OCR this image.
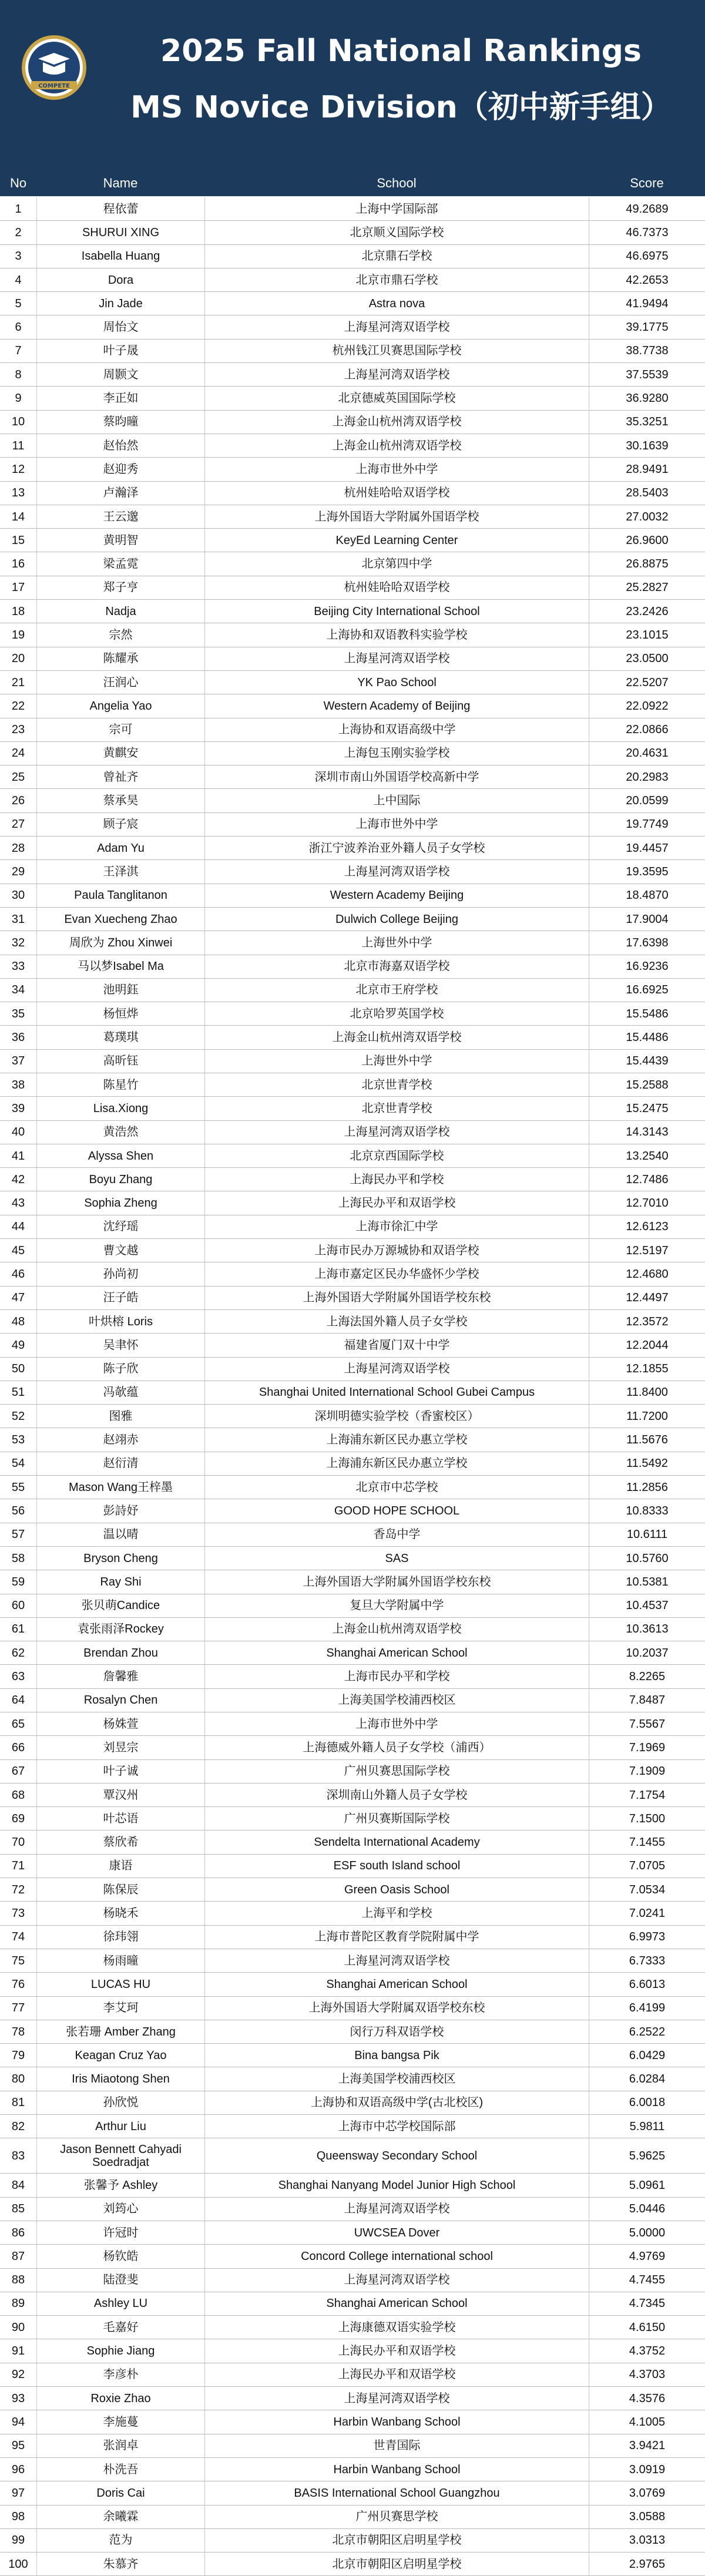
COMPETE
2025 Fall National Rankings
MS Novice Division（初中新手组）
No	Name	School	Score
1	程依蕾	上海中学国际部	49.2689
2	SHURUI XING	北京顺义国际学校	46.7373
3	Isabella Huang	北京鼎石学校	46.6975
4	Dora	北京市鼎石学校	42.2653
5	Jin Jade	Astra nova	41.9494
6	周怡文	上海星河湾双语学校	39.1775
7	叶子晟	杭州钱江贝赛思国际学校	38.7738
8	周颢文	上海星河湾双语学校	37.5539
9	李正如	北京德威英国国际学校	36.9280
10	蔡昀曈	上海金山杭州湾双语学校	35.3251
11	赵怡然	上海金山杭州湾双语学校	30.1639
12	赵迎秀	上海市世外中学	28.9491
13	卢瀚泽	杭州娃哈哈双语学校	28.5403
14	王云邈	上海外国语大学附属外国语学校	27.0032
15	黄明智	KeyEd Learning Center	26.9600
16	梁孟霓	北京第四中学	26.8875
17	郑子亨	杭州娃哈哈双语学校	25.2827
18	Nadja	Beijing City International School	23.2426
19	宗然	上海协和双语教科实验学校	23.1015
20	陈耀承	上海星河湾双语学校	23.0500
21	汪润心	YK Pao School	22.5207
22	Angelia Yao	Western Academy of Beijing	22.0922
23	宗可	上海协和双语高级中学	22.0866
24	黄麒安	上海包玉刚实验学校	20.4631
25	曾祉齐	深圳市南山外国语学校高新中学	20.2983
26	蔡承昊	上中国际	20.0599
27	顾子宸	上海市世外中学	19.7749
28	Adam Yu	浙江宁波养治亚外籍人员子女学校	19.4457
29	王泽淇	上海星河湾双语学校	19.3595
30	Paula Tanglitanon	Western Academy Beijing	18.4870
31	Evan Xuecheng Zhao	Dulwich College Beijing	17.9004
32	周欣为 Zhou Xinwei	上海世外中学	17.6398
33	马以梦Isabel Ma	北京市海嘉双语学校	16.9236
34	池明鈺	北京市王府学校	16.6925
35	杨恒烨	北京哈罗英国学校	15.5486
36	葛璞琪	上海金山杭州湾双语学校	15.4486
37	高昕钰	上海世外中学	15.4439
38	陈星竹	北京世青学校	15.2588
39	Lisa.Xiong	北京世青学校	15.2475
40	黄浩然	上海星河湾双语学校	14.3143
41	Alyssa Shen	北京京西国际学校	13.2540
42	Boyu Zhang	上海民办平和学校	12.7486
43	Sophia Zheng	上海民办平和双语学校	12.7010
44	沈纾瑶	上海市徐汇中学	12.6123
45	曹文越	上海市民办万源城协和双语学校	12.5197
46	孙尚初	上海市嘉定区民办华盛怀少学校	12.4680
47	汪子皓	上海外国语大学附属外国语学校东校	12.4497
48	叶烘榕 Loris	上海法国外籍人员子女学校	12.3572
49	吴聿怀	福建省厦门双十中学	12.2044
50	陈子欣	上海星河湾双语学校	12.1855
51	冯欹蕴	Shanghai United International School Gubei Campus	11.8400
52	图雅	深圳明德实验学校（香蜜校区）	11.7200
53	赵翊赤	上海浦东新区民办惠立学校	11.5676
54	赵衍清	上海浦东新区民办惠立学校	11.5492
55	Mason Wang王梓墨	北京市中芯学校	11.2856
56	彭詩妤	GOOD HOPE SCHOOL	10.8333
57	温以晴	香岛中学	10.6111
58	Bryson Cheng	SAS	10.5760
59	Ray Shi	上海外国语大学附属外国语学校东校	10.5381
60	张贝萌Candice	复旦大学附属中学	10.4537
61	袁张雨泽Rockey	上海金山杭州湾双语学校	10.3613
62	Brendan Zhou	Shanghai American School	10.2037
63	詹馨雅	上海市民办平和学校	8.2265
64	Rosalyn Chen	上海美国学校浦西校区	7.8487
65	杨姝萱	上海市世外中学	7.5567
66	刘昱宗	上海德威外籍人员子女学校（浦西）	7.1969
67	叶子诚	广州贝赛思国际学校	7.1909
68	覃汉州	深圳南山外籍人员子女学校	7.1754
69	叶芯语	广州贝赛斯国际学校	7.1500
70	蔡欣希	Sendelta International Academy	7.1455
71	康语	ESF south Island school	7.0705
72	陈保辰	Green Oasis School	7.0534
73	杨晓禾	上海平和学校	7.0241
74	徐玮翎	上海市普陀区教育学院附属中学	6.9973
75	杨雨曈	上海星河湾双语学校	6.7333
76	LUCAS HU	Shanghai American School	6.6013
77	李艾珂	上海外国语大学附属双语学校东校	6.4199
78	张若珊 Amber Zhang	闵行万科双语学校	6.2522
79	Keagan Cruz Yao	Bina bangsa Pik	6.0429
80	Iris Miaotong Shen	上海美国学校浦西校区	6.0284
81	孙欣悦	上海协和双语高级中学(古北校区)	6.0018
82	Arthur Liu	上海市中芯学校国际部	5.9811
83	Jason Bennett Cahyadi Soedradjat	Queensway Secondary School	5.9625
84	张馨予 Ashley	Shanghai Nanyang Model Junior High School	5.0961
85	刘筠心	上海星河湾双语学校	5.0446
86	许冠时	UWCSEA Dover	5.0000
87	杨钦皓	Concord College international school	4.9769
88	陆澄斐	上海星河湾双语学校	4.7455
89	Ashley LU	Shanghai American School	4.7345
90	毛嘉好	上海康德双语实验学校	4.6150
91	Sophie Jiang	上海民办平和双语学校	4.3752
92	李彦朴	上海民办平和双语学校	4.3703
93	Roxie Zhao	上海星河湾双语学校	4.3576
94	李施蔓	Harbin Wanbang School	4.1005
95	张润卓	世青国际	3.9421
96	朴洗吾	Harbin Wanbang School	3.0919
97	Doris Cai	BASIS International School Guangzhou	3.0769
98	余曦霖	广州贝赛思学校	3.0588
99	范为	北京市朝阳区启明星学校	3.0313
100	朱慕齐	北京市朝阳区启明星学校	2.9765
